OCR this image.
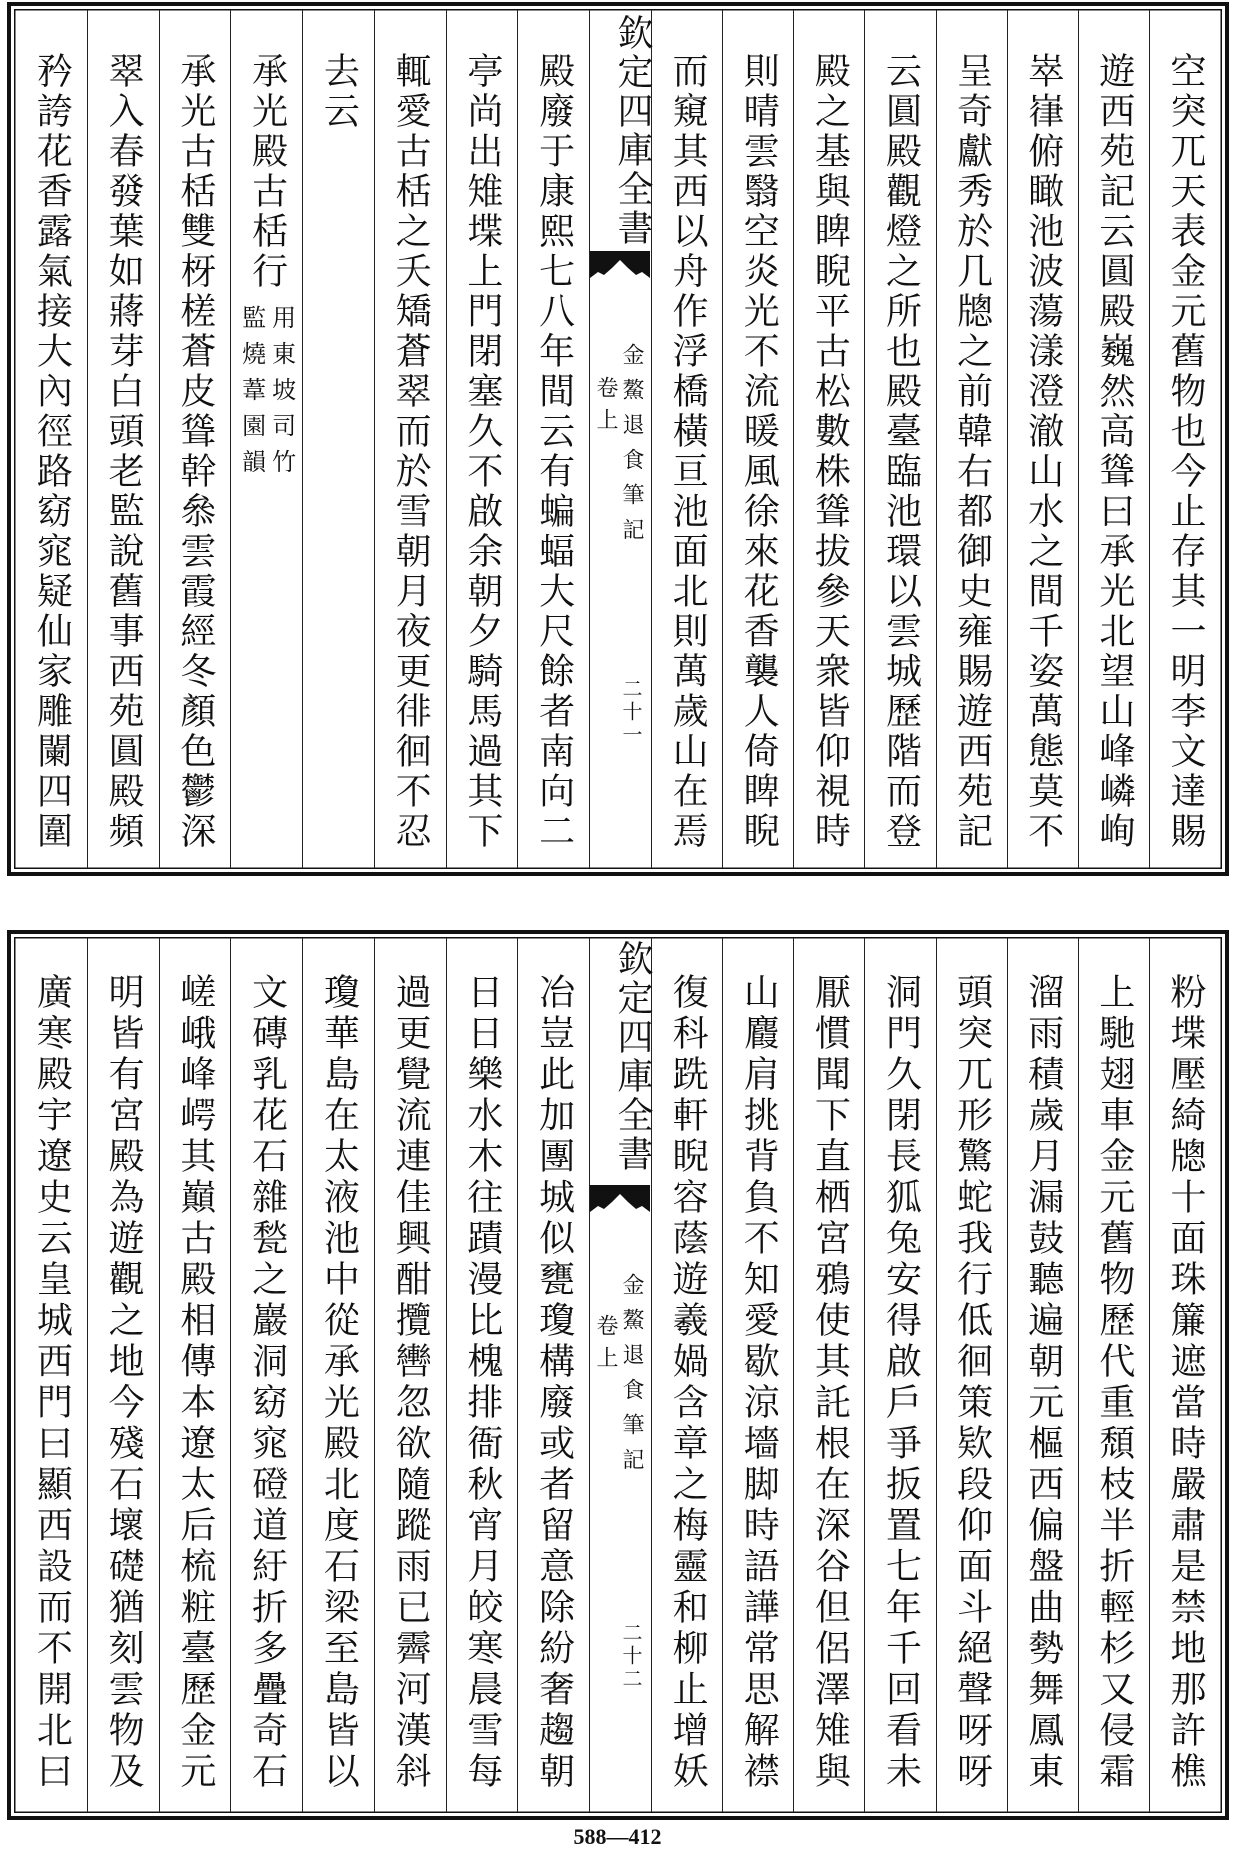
空突兀天表金元舊物也今止存其一明李文達賜
遊西苑記云圓殿巍然高聳曰承光北望山峰嶙峋
崒嵂俯瞰池波蕩漾澄澈山水之間千姿萬態莫不
呈奇獻秀於几牕之前韓右都御史雍賜遊西苑記
云圓殿觀燈之所也殿臺臨池環以雲城歷階而登
殿之基與睥睨平古松數株聳拔參天衆皆仰視時
則晴雲翳空炎光不流暖風徐來花香襲人倚睥睨
而窺其西以舟作浮橋橫亘池面北則萬歲山在焉
欽定四庫全書
金鰲退食筆記
卷上
二十一
殿廢于康熙七八年間云有蝙蝠大尺餘者南向二
亭尚出雉堞上門閉塞久不啟余朝夕騎馬過其下
輒愛古栝之夭矯蒼翠而於雪朝月夜更徘徊不忍
去云
承光殿古栝行
用東坡司竹
監燒葦園韻
承光古栝雙枒槎蒼皮聳幹叅雲霞經冬顏色鬱深
翠入春發葉如蔣芽白頭老監說舊事西苑圓殿頻
矜誇花香露氣接大內徑路窈窕疑仙家雕闌四圍
粉堞壓綺牕十面珠簾遮當時嚴肅是禁地那許樵
上馳翅車金元舊物歷代重頹枝半折輕杉又侵霜
溜雨積歲月漏鼓聽遍朝元樞西偏盤曲勢舞鳳東
頭突兀形驚蛇我行低徊策欵段仰面斗絕聲呀呀
洞門久閉長狐兔安得啟戶爭扳置七年千回看未
厭慣聞下直栖宮鴉使其託根在深谷但侶澤雉與
山麚肩挑背負不知愛歇涼墻脚時語譁常思解襟
復科跣軒睨容蔭遊羲媧含章之梅靈和柳止增妖
欽定四庫全書
金鰲退食筆記
卷上
二十二
冶豈此加團城似甕瓊構廢或者留意除紛奢趨朝
日日樂水木往蹟漫比槐排衙秋宵月皎寒晨雪每
過更覺流連佳興酣攬轡忽欲隨蹤雨已霽河漢斜
瓊華島在太液池中從承光殿北度石梁至島皆以
文磚乳花石雜甃之巖洞窈窕磴道紆折多疊奇石
嵯峨峰崿其巔古殿相傳本遼太后梳粧臺歷金元
明皆有宮殿為遊觀之地今殘石壞礎猶刻雲物及
廣寒殿宇遼史云皇城西門曰顯西設而不開北曰
588—412
